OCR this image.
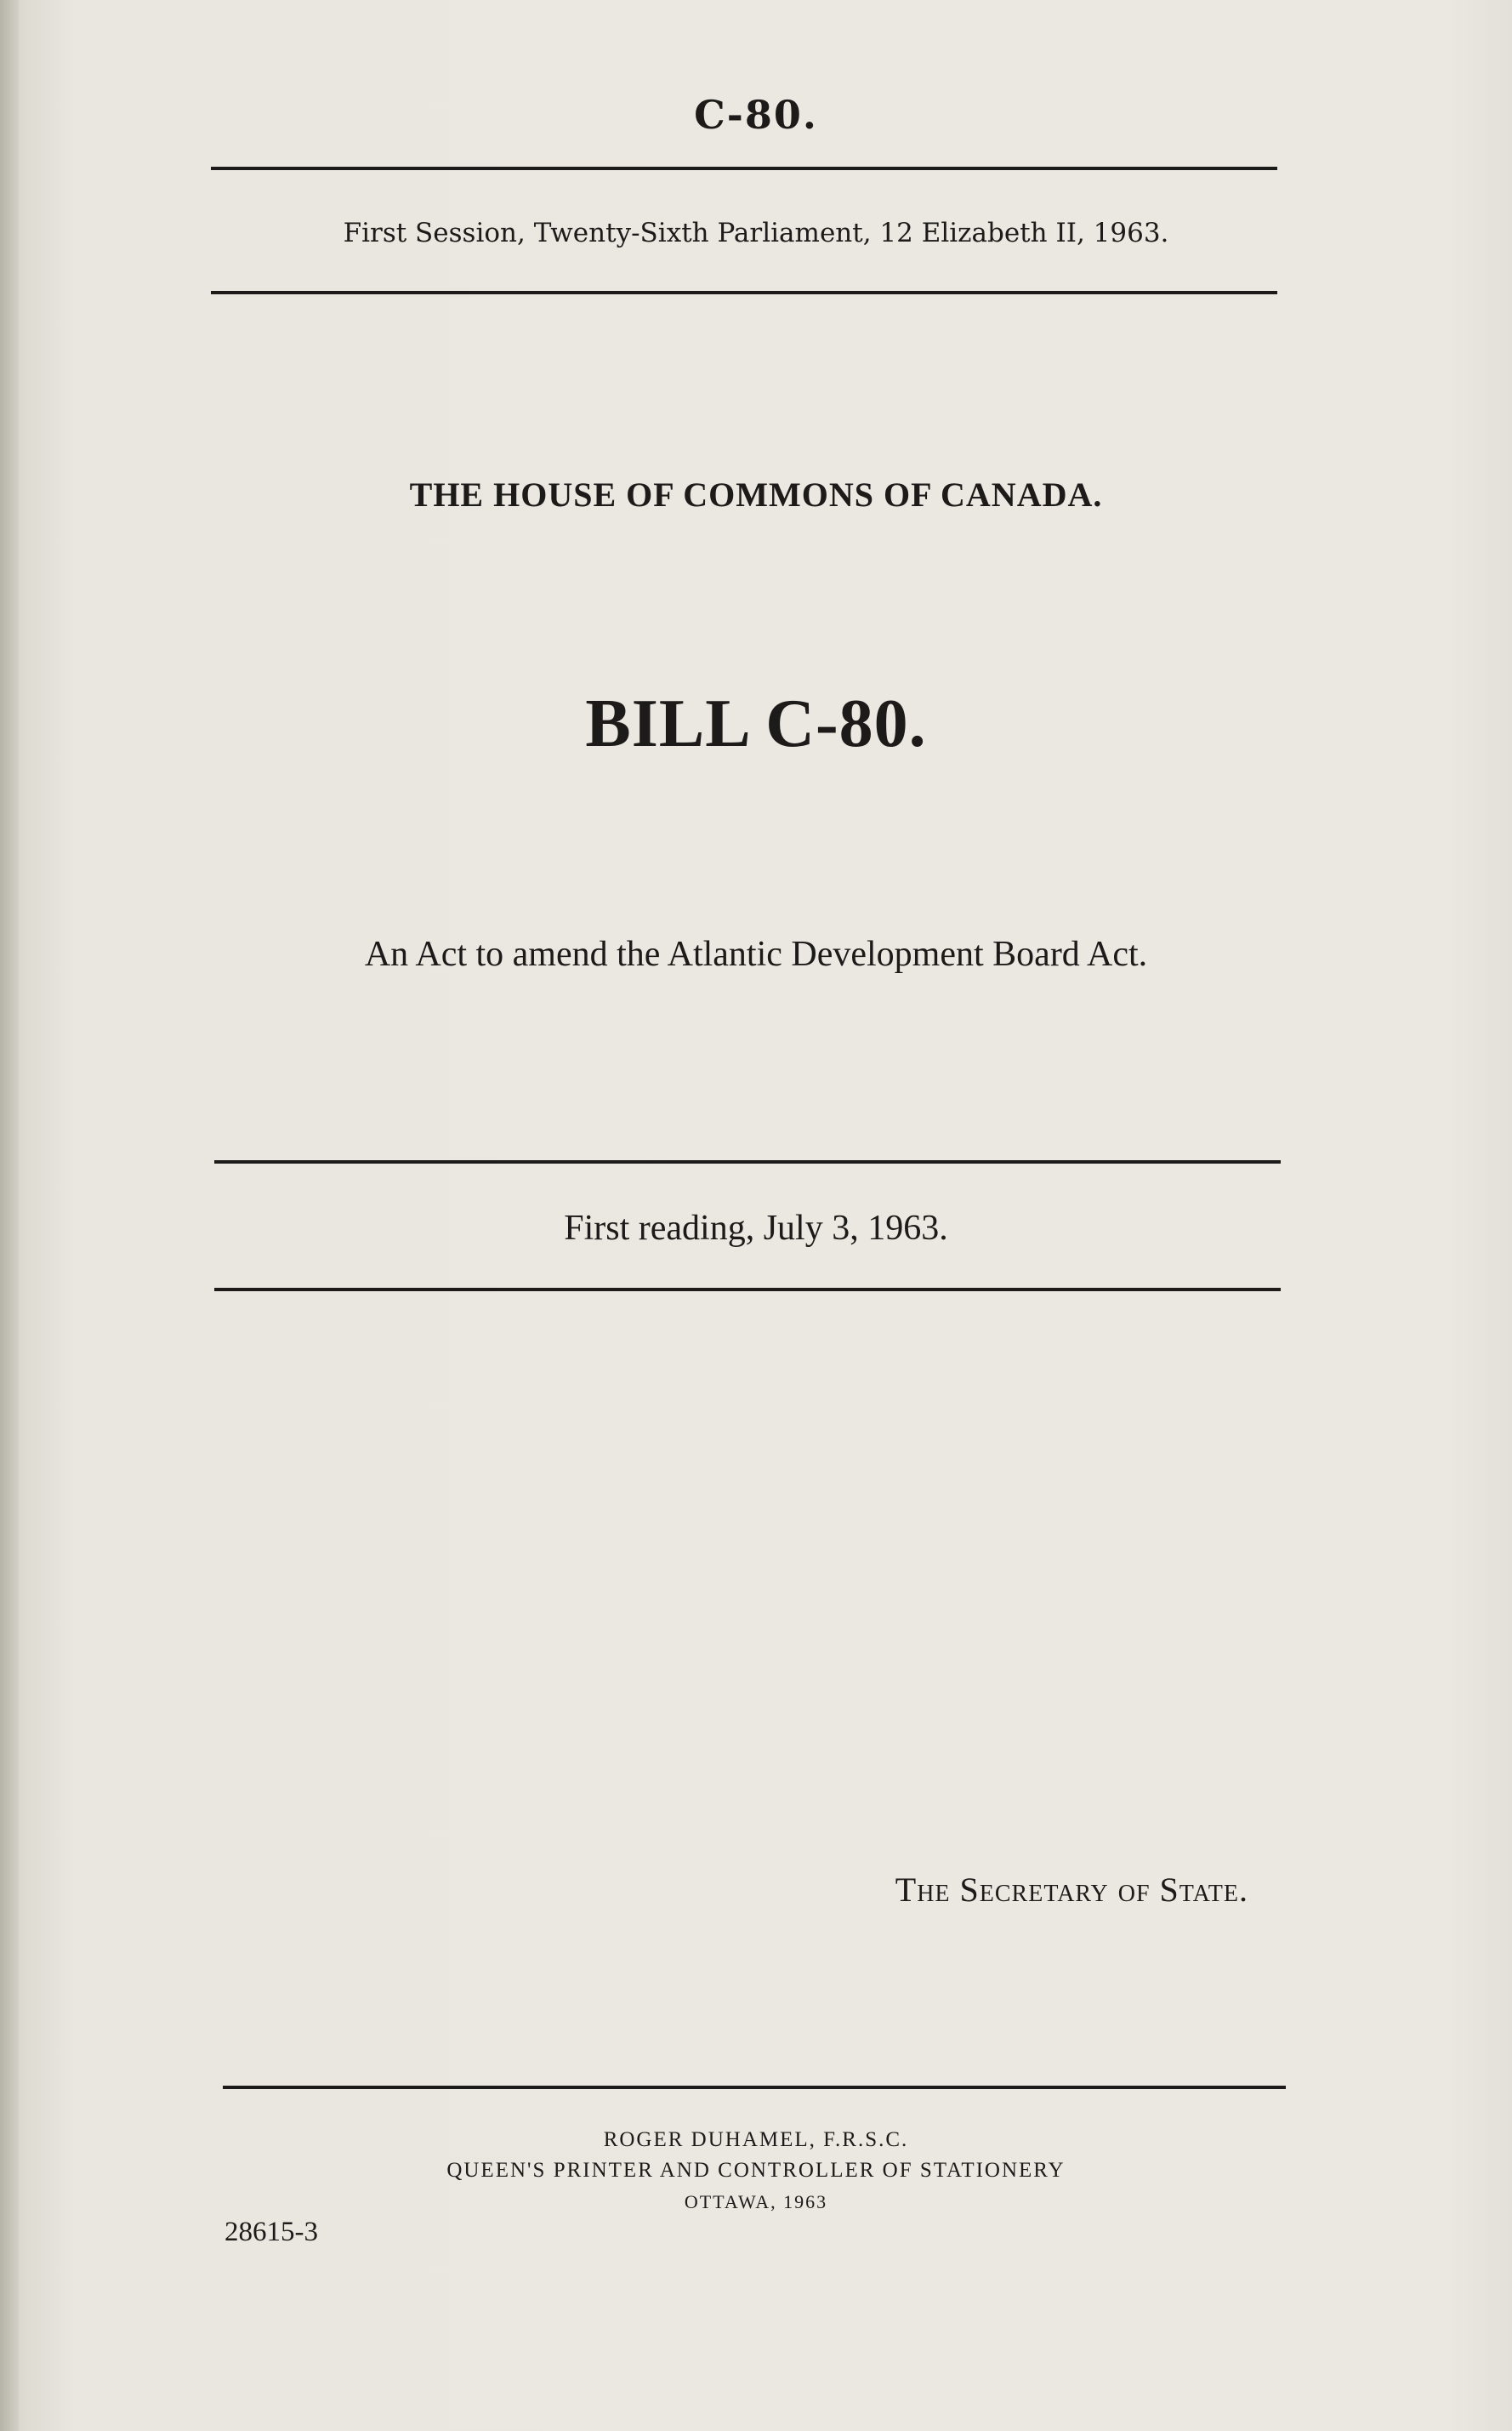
C-80.
First Session, Twenty-Sixth Parliament, 12 Elizabeth II, 1963.
THE HOUSE OF COMMONS OF CANADA.
BILL C-80.
An Act to amend the Atlantic Development Board Act.
First reading, July 3, 1963.
The Secretary of State.
ROGER DUHAMEL, F.R.S.C.
QUEEN'S PRINTER AND CONTROLLER OF STATIONERY
OTTAWA, 1963
28615-3
